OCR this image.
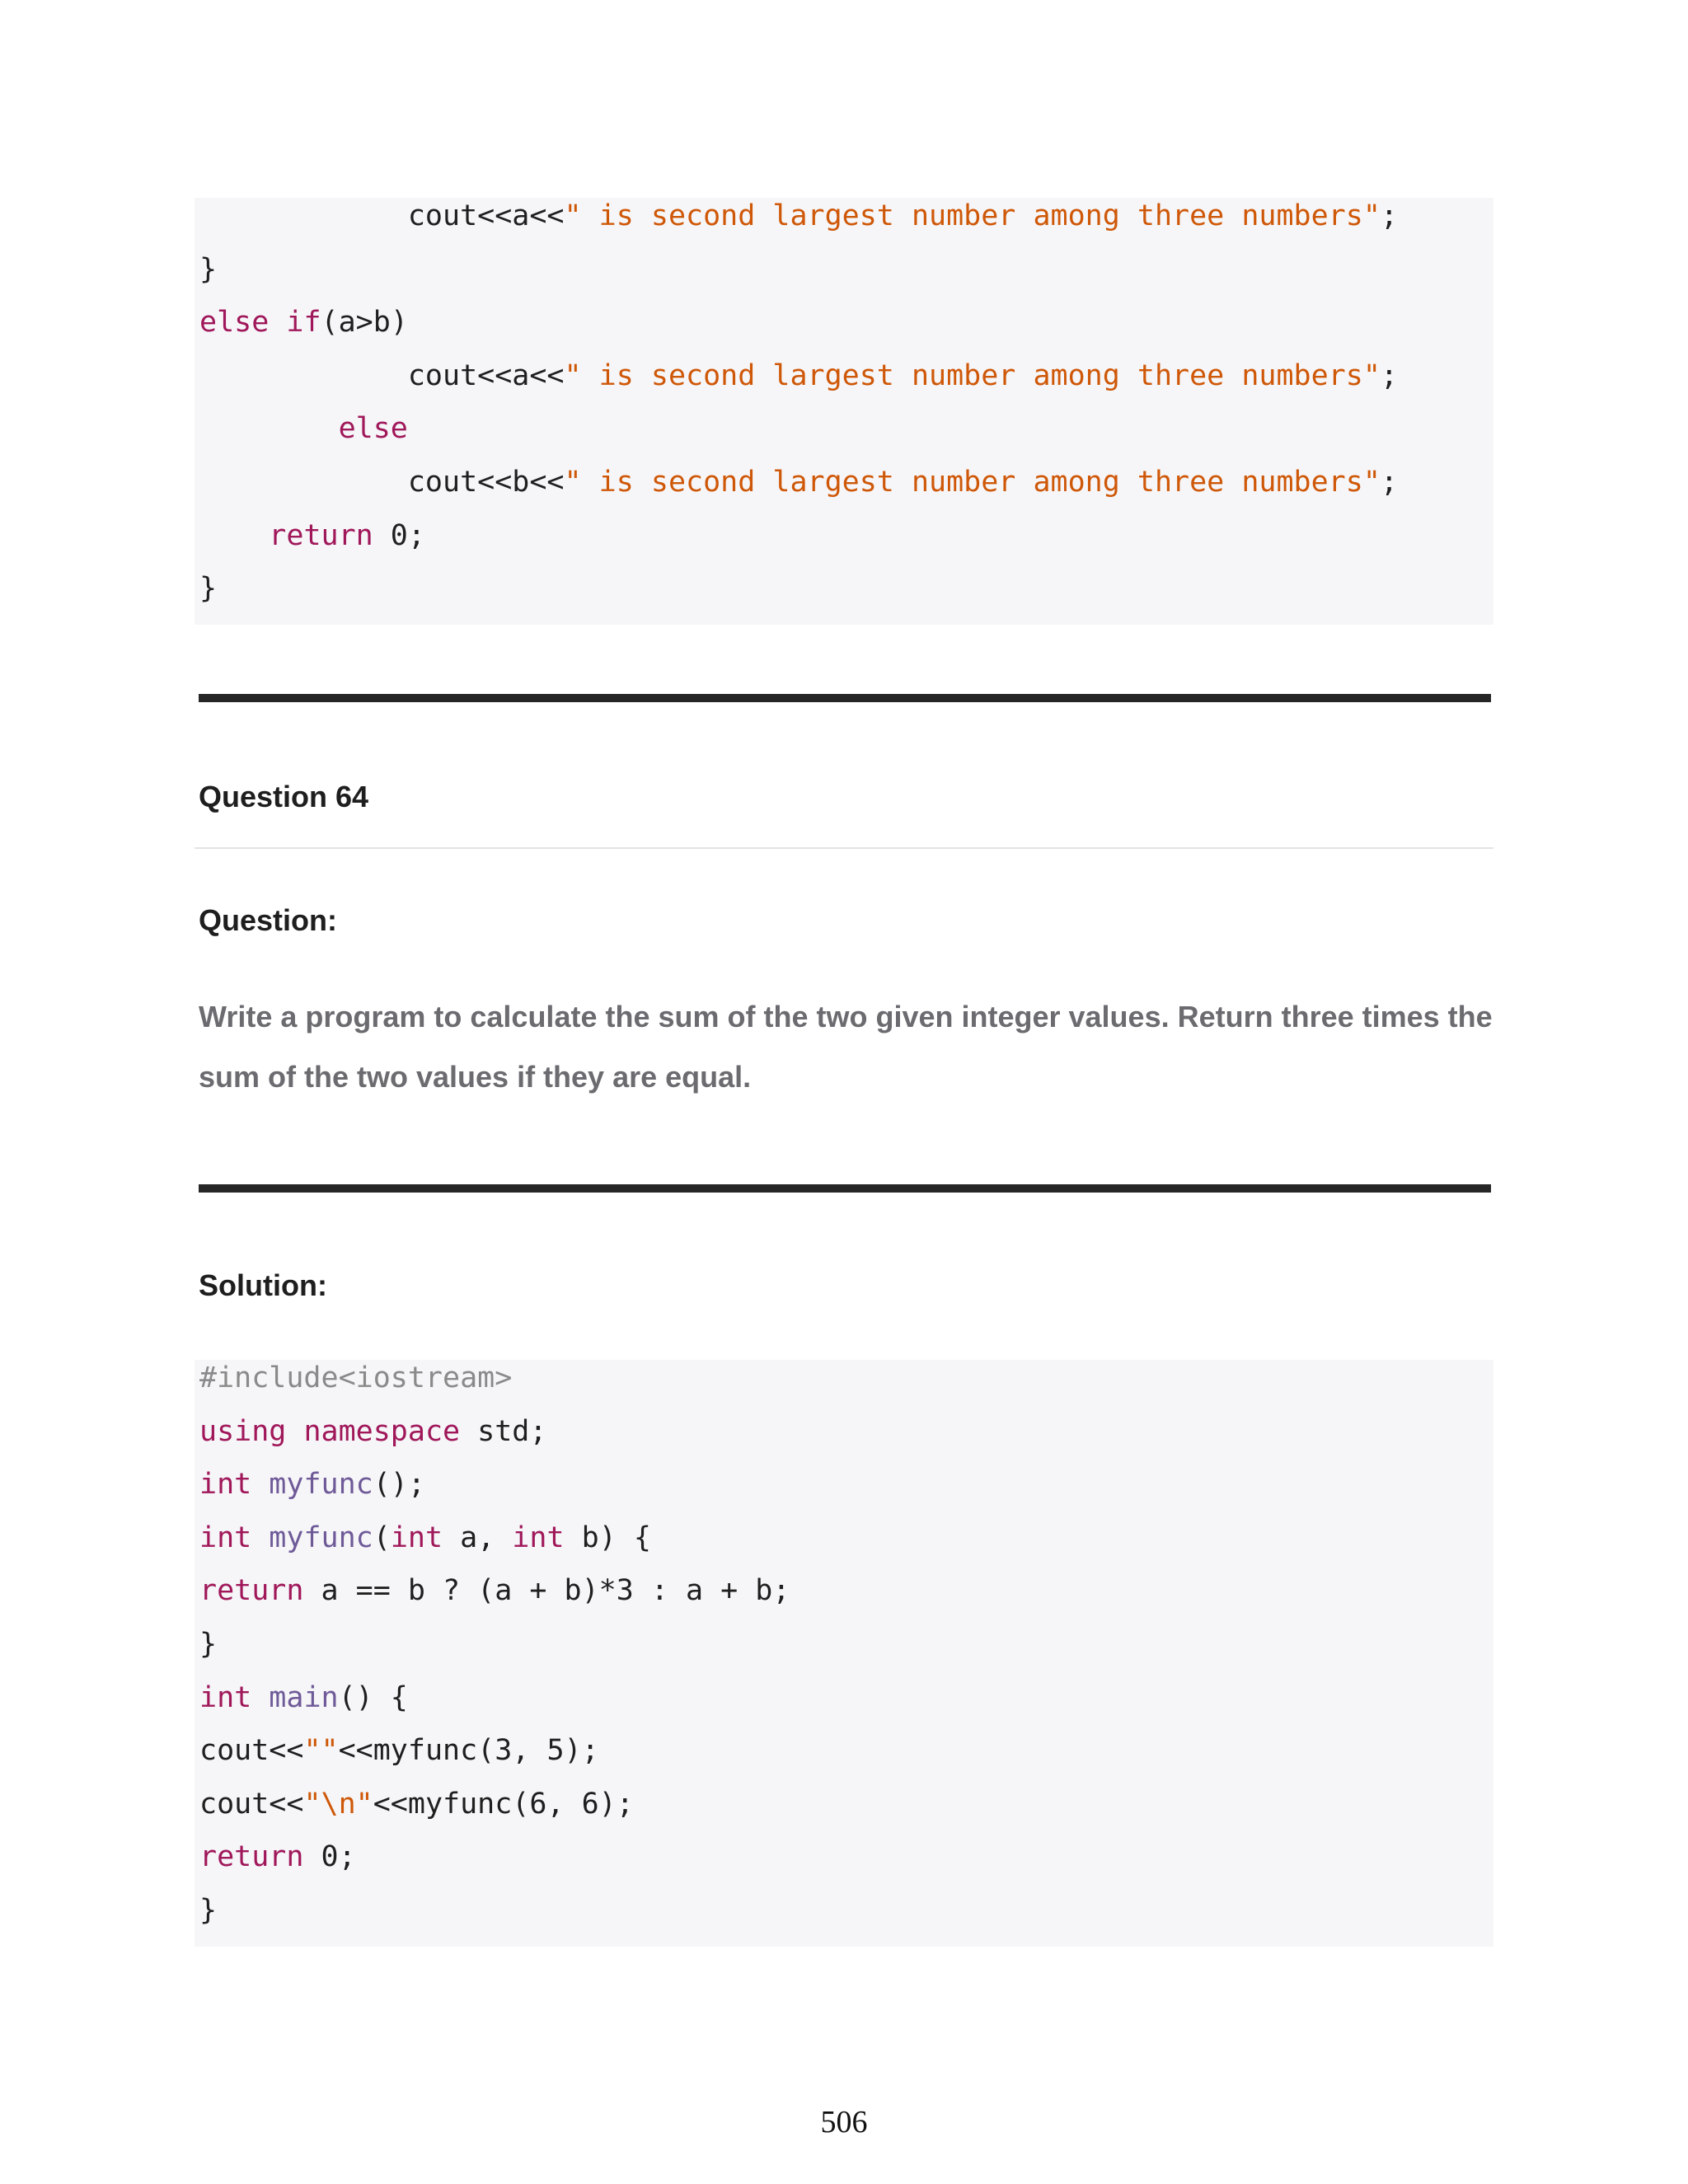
cout<<a<<" is second largest number among three numbers";
}
else if(a>b)
cout<<a<<" is second largest number among three numbers";
else
cout<<b<<" is second largest number among three numbers";
return 0;
}
Question 64
Question:
Write a program to calculate the sum of the two given integer values. Return three times the sum of the two values if they are equal.
Solution:
#include<iostream>
using namespace std;
int myfunc();
int myfunc(int a, int b) {
return a == b ? (a + b)*3 : a + b;
}
int main() {
cout<<""<<myfunc(3, 5);
cout<<"\n"<<myfunc(6, 6);
return 0;
}
506
